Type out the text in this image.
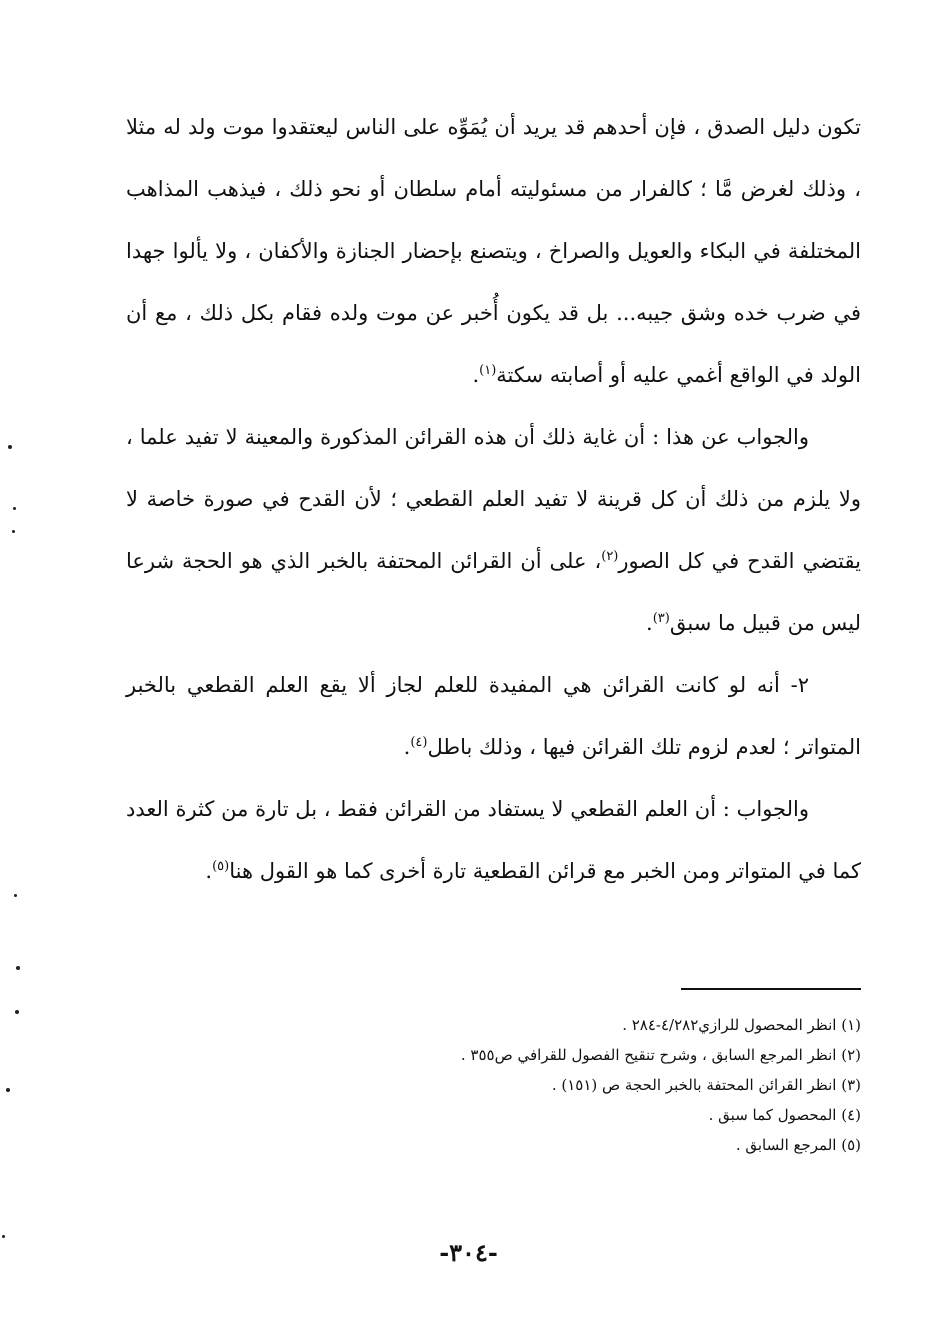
تكون دليل الصدق ، فإن أحدهم قد يريد أن يُمَوِّه على الناس ليعتقدوا موت ولد له مثلا ، وذلك لغرض مَّا ؛ كالفرار من مسئوليته أمام سلطان أو نحو ذلك ، فيذهب المذاهب المختلفة في البكاء والعويل والصراخ ، ويتصنع بإحضار الجنازة والأكفان ، ولا يألوا جهدا في ضرب خده وشق جيبه... بل قد يكون أُخبر عن موت ولده فقام بكل ذلك ، مع أن الولد في الواقع أغمي عليه أو أصابته سكتة$^{(١)}$.

والجواب عن هذا : أن غاية ذلك أن هذه القرائن المذكورة والمعينة لا تفيد علما ، ولا يلزم من ذلك أن كل قرينة لا تفيد العلم القطعي ؛ لأن القدح في صورة خاصة لا يقتضي القدح في كل الصور$^{(٢)}$، على أن القرائن المحتفة بالخبر الذي هو الحجة شرعا ليس من قبيل ما سبق$^{(٣)}$.

٢- أنه لو كانت القرائن هي المفيدة للعلم لجاز ألا يقع العلم القطعي بالخبر المتواتر ؛ لعدم لزوم تلك القرائن فيها ، وذلك باطل$^{(٤)}$.

والجواب : أن العلم القطعي لا يستفاد من القرائن فقط ، بل تارة من كثرة العدد كما في المتواتر ومن الخبر مع قرائن القطعية تارة أخرى كما هو القول هنا$^{(٥)}$.

(١) انظر المحصول للرازي٤/٢٨٢-٢٨٤ .

(٢) انظر المرجع السابق ، وشرح تنقيح الفصول للقرافي ص٣٥٥ .

(٣) انظر القرائن المحتفة بالخبر الحجة ص (١٥١) .

(٤) المحصول كما سبق .

(٥) المرجع السابق .

-٣٠٤-
